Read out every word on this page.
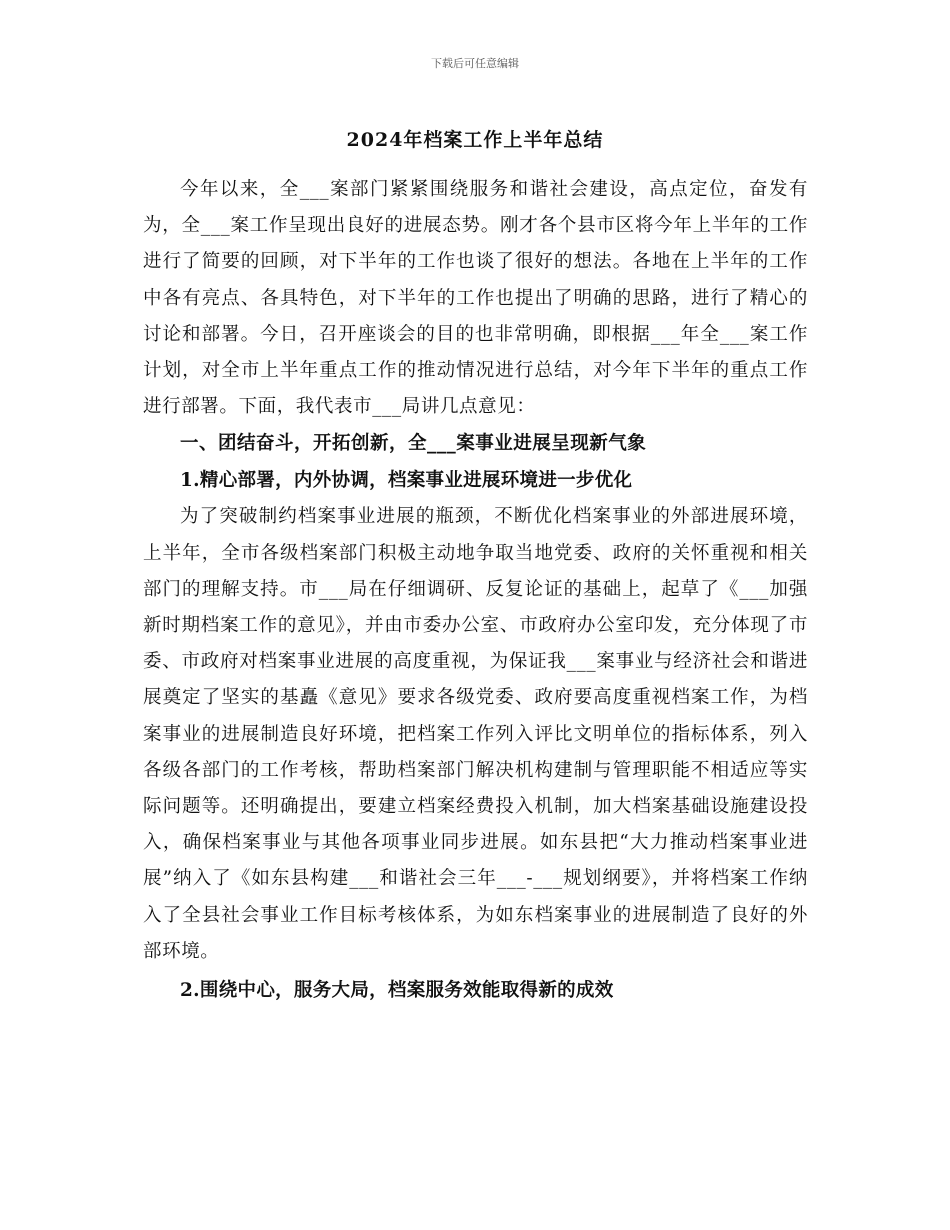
下载后可任意编辑
2024年档案工作上半年总结

今年以来，全___案部门紧紧围绕服务和谐社会建设，高点定位，奋发有为，全___案工作呈现出良好的进展态势。刚才各个县市区将今年上半年的工作进行了简要的回顾，对下半年的工作也谈了很好的想法。各地在上半年的工作中各有亮点、各具特色，对下半年的工作也提出了明确的思路，进行了精心的讨论和部署。今日，召开座谈会的目的也非常明确，即根据___年全___案工作计划，对全市上半年重点工作的推动情况进行总结，对今年下半年的重点工作进行部署。下面，我代表市___局讲几点意见：

一、团结奋斗，开拓创新，全___案事业进展呈现新气象

1.精心部署，内外协调，档案事业进展环境进一步优化

为了突破制约档案事业进展的瓶颈，不断优化档案事业的外部进展环境，上半年，全市各级档案部门积极主动地争取当地党委、政府的关怀重视和相关部门的理解支持。市___局在仔细调研、反复论证的基础上，起草了《___加强新时期档案工作的意见》，并由市委办公室、市政府办公室印发，充分体现了市委、市政府对档案事业进展的高度重视，为保证我___案事业与经济社会和谐进展奠定了坚实的基矗《意见》要求各级党委、政府要高度重视档案工作，为档案事业的进展制造良好环境，把档案工作列入评比文明单位的指标体系，列入各级各部门的工作考核，帮助档案部门解决机构建制与管理职能不相适应等实际问题等。还明确提出，要建立档案经费投入机制，加大档案基础设施建设投入，确保档案事业与其他各项事业同步进展。如东县把“大力推动档案事业进展”纳入了《如东县构建___和谐社会三年___-___规划纲要》，并将档案工作纳入了全县社会事业工作目标考核体系，为如东档案事业的进展制造了良好的外部环境。

2.围绕中心，服务大局，档案服务效能取得新的成效
